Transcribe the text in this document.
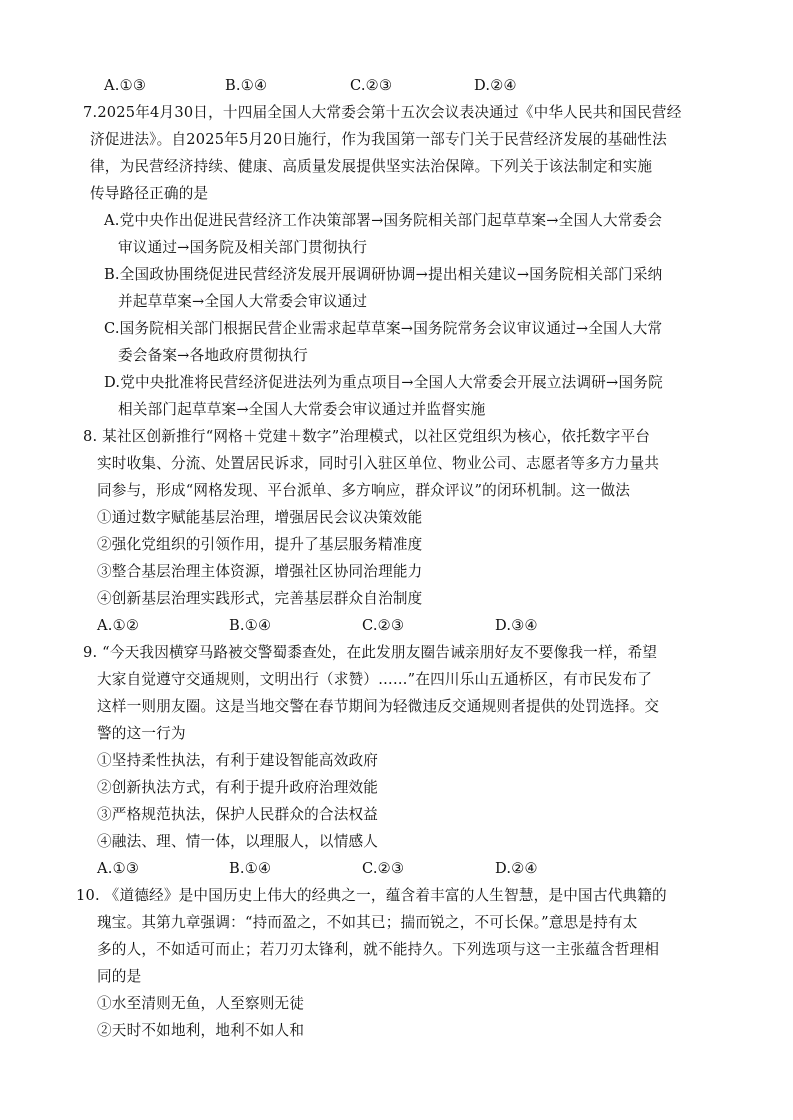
A.①③	B.①④	C.②③	D.②④
7.2025年4月30日，十四届全国人大常委会第十五次会议表决通过《中华人民共和国民营经
济促进法》。自2025年5月20日施行，作为我国第一部专门关于民营经济发展的基础性法
律，为民营经济持续、健康、高质量发展提供坚实法治保障。下列关于该法制定和实施
传导路径正确的是
A.党中央作出促进民营经济工作决策部署→国务院相关部门起草草案→全国人大常委会
审议通过→国务院及相关部门贯彻执行
B.全国政协围绕促进民营经济发展开展调研协调→提出相关建议→国务院相关部门采纳
并起草草案→全国人大常委会审议通过
C.国务院相关部门根据民营企业需求起草草案→国务院常务会议审议通过→全国人大常
委会备案→各地政府贯彻执行
D.党中央批准将民营经济促进法列为重点项目→全国人大常委会开展立法调研→国务院
相关部门起草草案→全国人大常委会审议通过并监督实施
8. 某社区创新推行“网格＋党建＋数字”治理模式，以社区党组织为核心，依托数字平台
实时收集、分流、处置居民诉求，同时引入驻区单位、物业公司、志愿者等多方力量共
同参与，形成“网格发现、平台派单、多方响应，群众评议”的闭环机制。这一做法
①通过数字赋能基层治理，增强居民会议决策效能
②强化党组织的引领作用，提升了基层服务精准度
③整合基层治理主体资源，增强社区协同治理能力
④创新基层治理实践形式，完善基层群众自治制度
A.①②	B.①④	C.②③	D.③④
9. “今天我因横穿马路被交警蜀黍查处，在此发朋友圈告诫亲朋好友不要像我一样，希望
大家自觉遵守交通规则，文明出行（求赞）……”在四川乐山五通桥区，有市民发布了
这样一则朋友圈。这是当地交警在春节期间为轻微违反交通规则者提供的处罚选择。交
警的这一行为
①坚持柔性执法，有利于建设智能高效政府
②创新执法方式，有利于提升政府治理效能
③严格规范执法，保护人民群众的合法权益
④融法、理、情一体，以理服人，以情感人
A.①③	B.①④	C.②③	D.②④
10. 《道德经》是中国历史上伟大的经典之一，蕴含着丰富的人生智慧，是中国古代典籍的
瑰宝。其第九章强调：“持而盈之，不如其已；揣而锐之，不可长保。”意思是持有太
多的人，不如适可而止；若刀刃太锋利，就不能持久。下列选项与这一主张蕴含哲理相
同的是
①水至清则无鱼，人至察则无徒
②天时不如地利，地利不如人和
